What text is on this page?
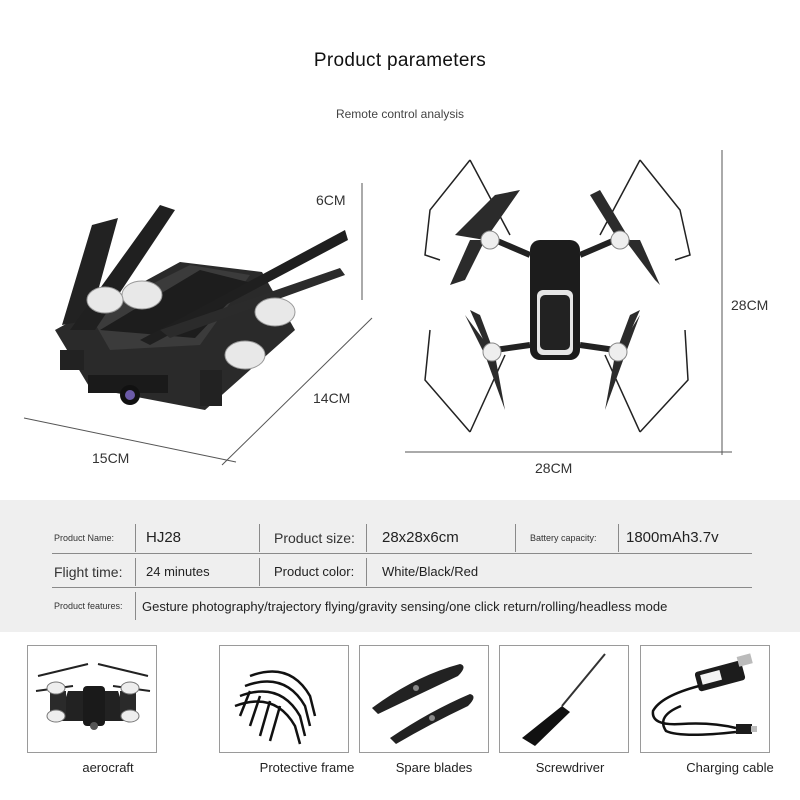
Product parameters
Remote control analysis
6CM
14CM
15CM
28CM
28CM
Product Name: HJ28	Product size: 28x28x6cm	Battery capacity: 1800mAh3.7v
Flight time: 24 minutes	Product color: White/Black/Red
Product features: Gesture photography/trajectory flying/gravity sensing/one click return/rolling/headless mode
aerocraft	Protective frame	Spare blades	Screwdriver	Charging cable
